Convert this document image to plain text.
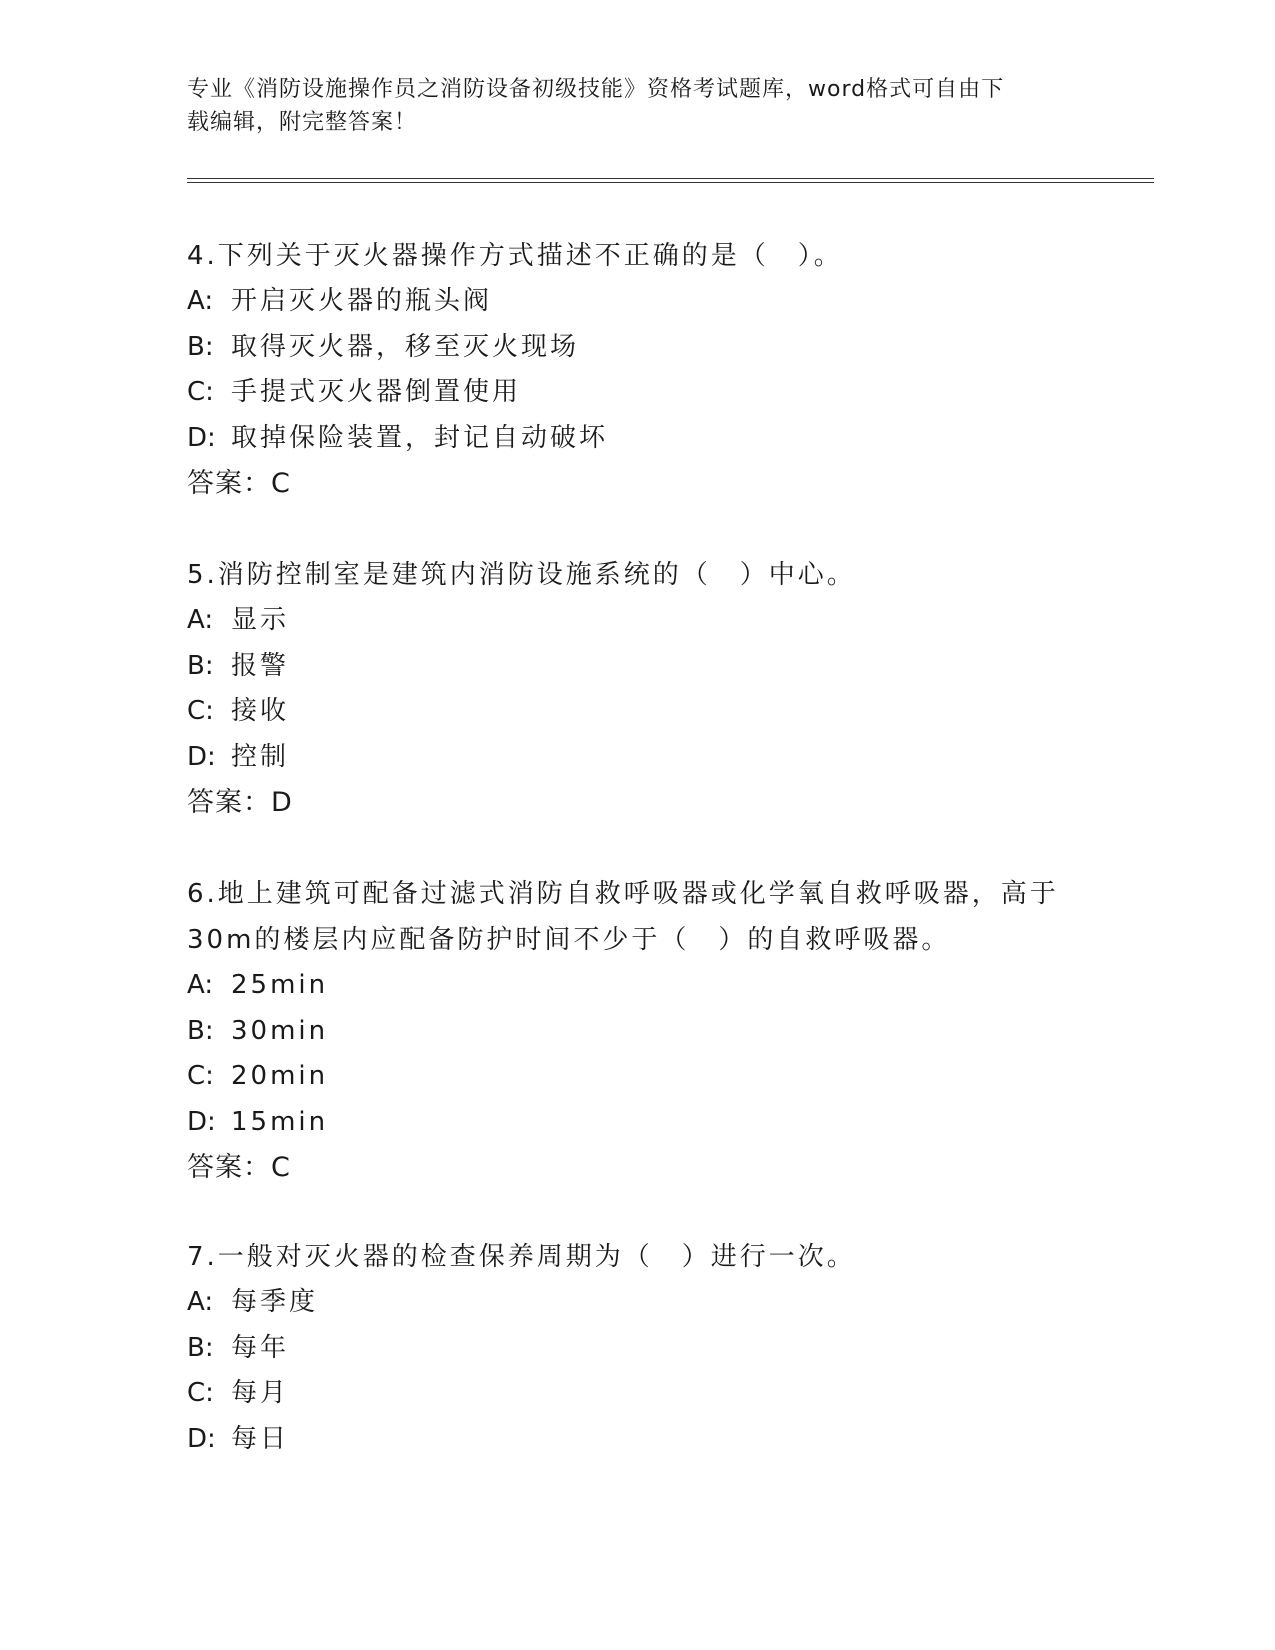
专业《消防设施操作员之消防设备初级技能》资格考试题库，word格式可自由下
载编辑，附完整答案！
4.下列关于灭火器操作方式描述不正确的是（　）。
A: 开启灭火器的瓶头阀
B: 取得灭火器，移至灭火现场
C: 手提式灭火器倒置使用
D: 取掉保险装置，封记自动破坏
答案：C
5.消防控制室是建筑内消防设施系统的（　）中心。
A: 显示
B: 报警
C: 接收
D: 控制
答案：D
6.地上建筑可配备过滤式消防自救呼吸器或化学氧自救呼吸器，高于
30m的楼层内应配备防护时间不少于（　）的自救呼吸器。
A: 25min
B: 30min
C: 20min
D: 15min
答案：C
7.一般对灭火器的检查保养周期为（　）进行一次。
A: 每季度
B: 每年
C: 每月
D: 每日
